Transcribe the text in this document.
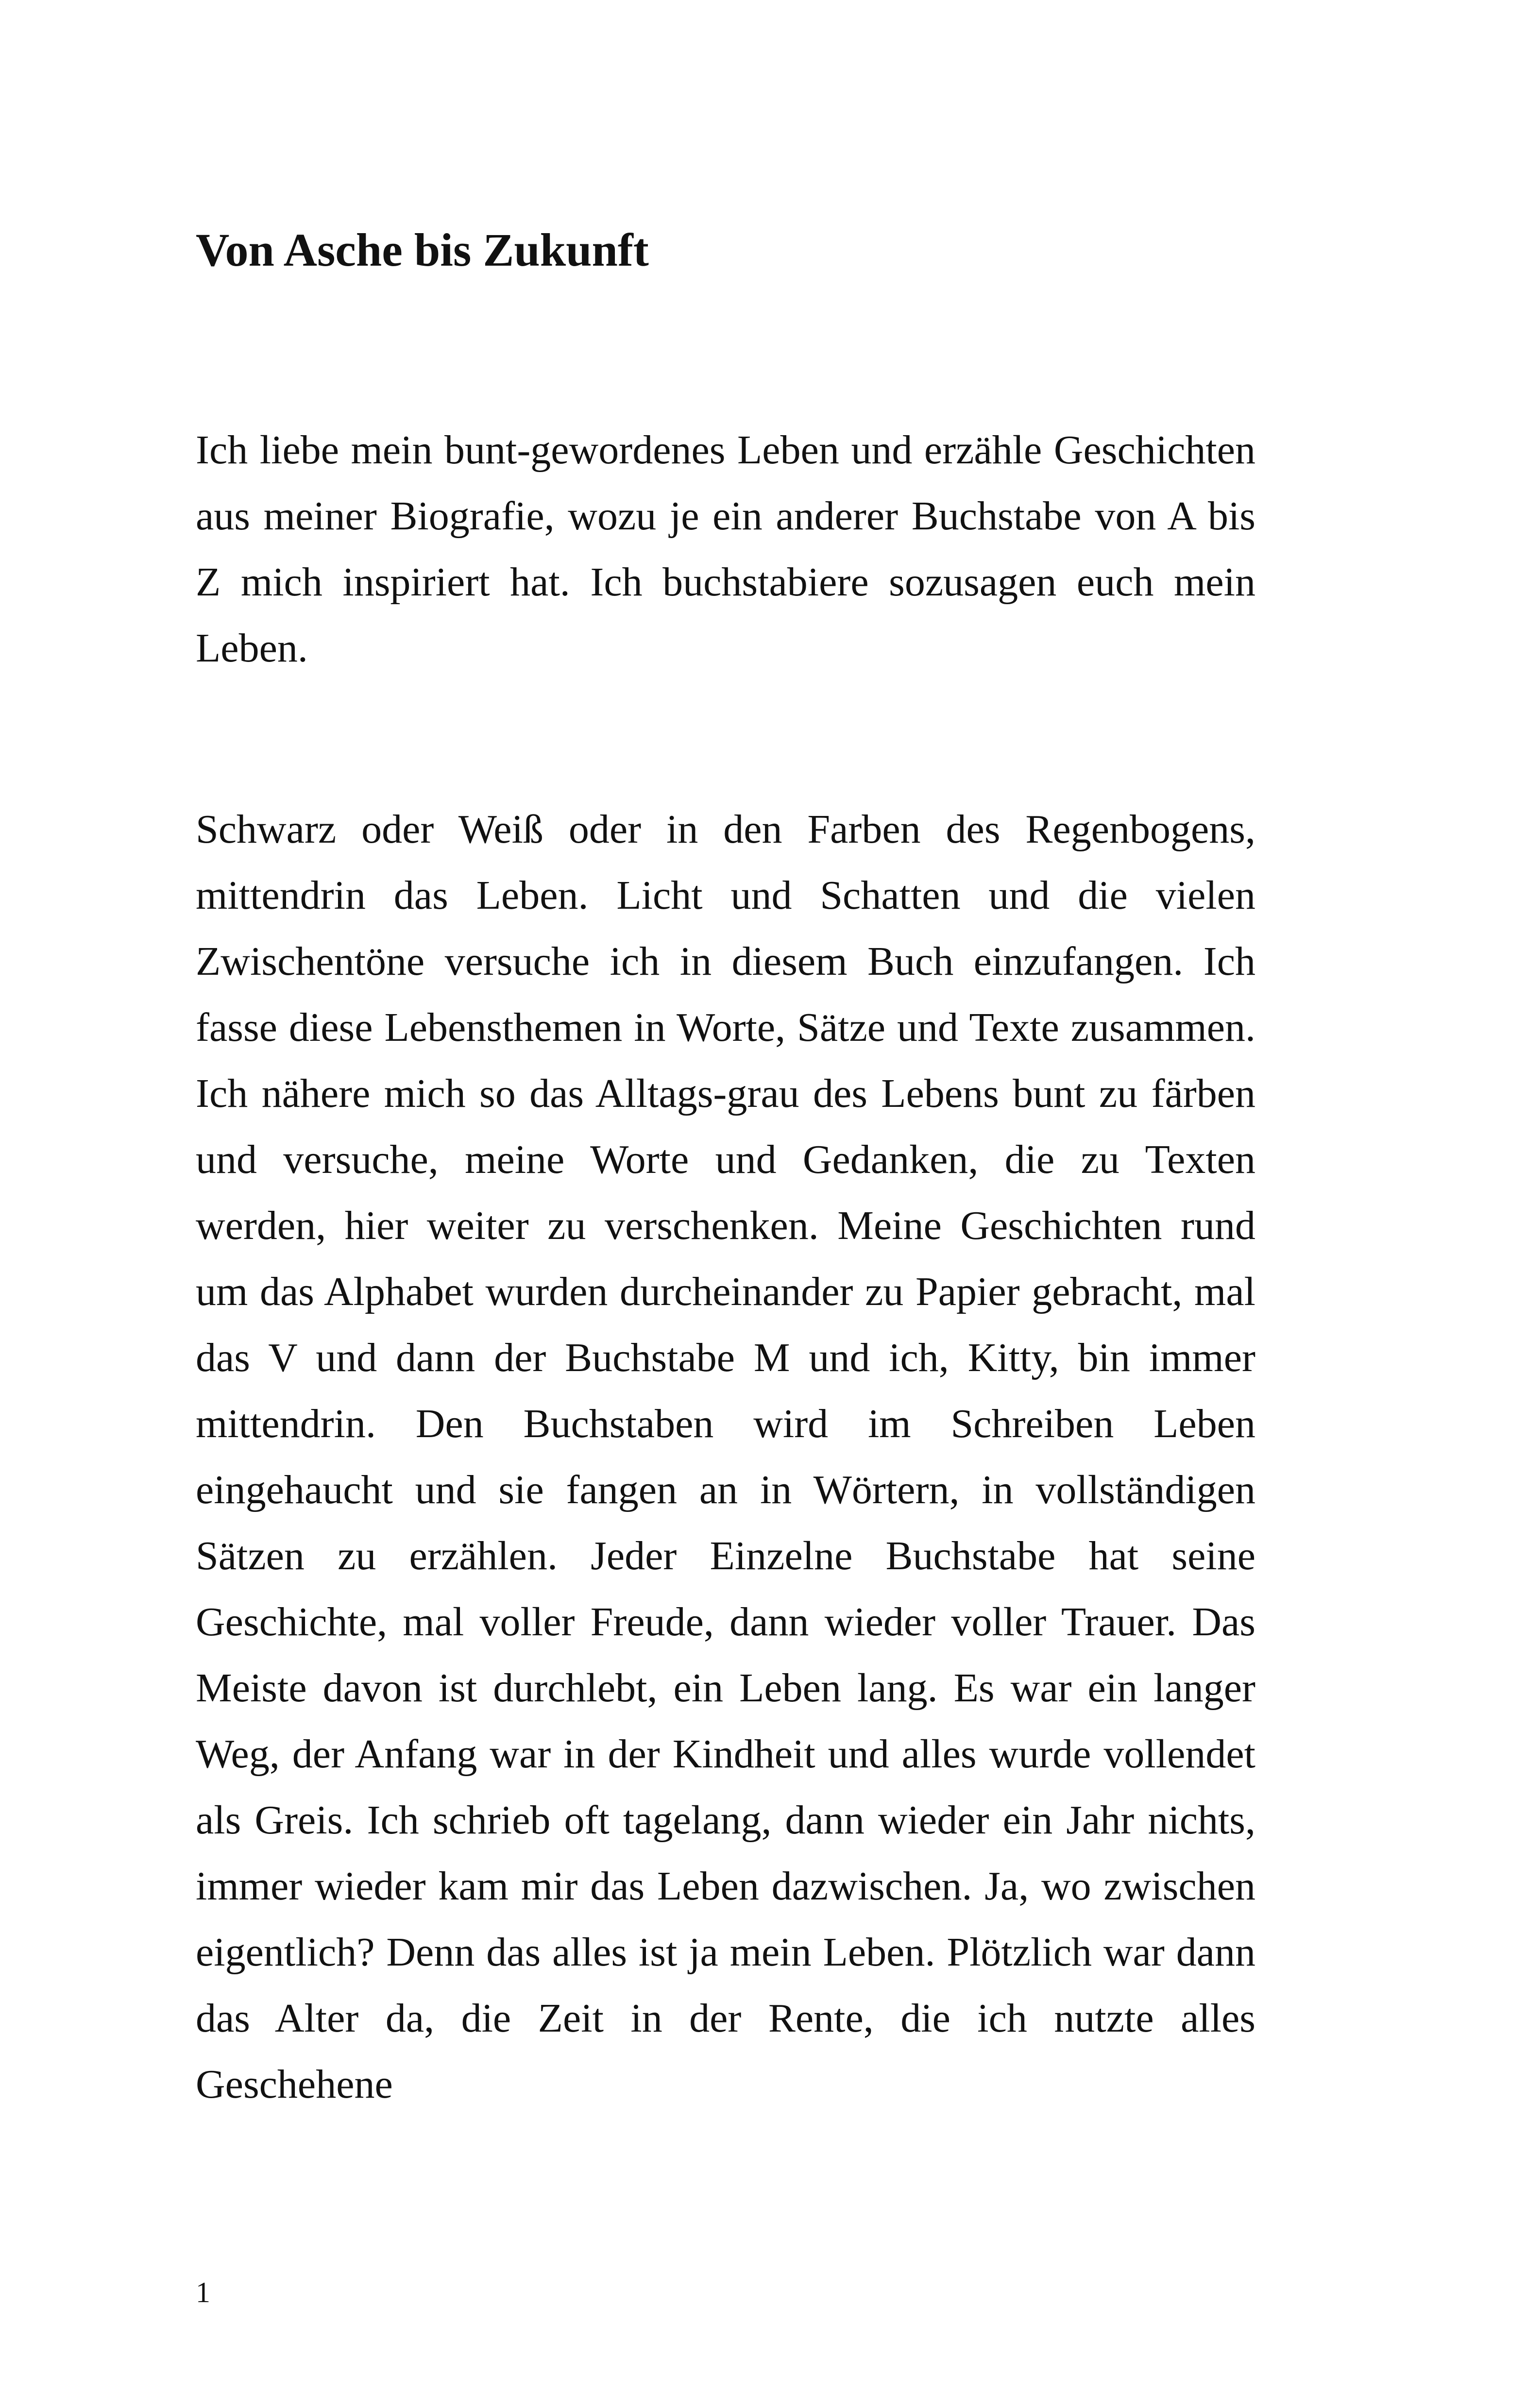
Von Asche bis Zukunft

Ich liebe mein bunt-gewordenes Leben und erzähle Geschichten aus meiner Biografie, wozu je ein anderer Buchstabe von A bis Z mich inspiriert hat. Ich buchstabiere sozusagen euch mein Leben.

Schwarz oder Weiß oder in den Farben des Regenbogens, mittendrin das Leben. Licht und Schatten und die vielen Zwischentöne versuche ich in diesem Buch einzufangen. Ich fasse diese Lebensthemen in Worte, Sätze und Texte zusammen. Ich nähere mich so das Alltags-grau des Lebens bunt zu färben und versuche, meine Worte und Gedanken, die zu Texten werden, hier weiter zu verschenken. Meine Geschichten rund um das Alphabet wurden durcheinander zu Papier gebracht, mal das V und dann der Buchstabe M und ich, Kitty, bin immer mittendrin. Den Buchstaben wird im Schreiben Leben eingehaucht und sie fangen an in Wörtern, in vollständigen Sätzen zu erzählen. Jeder Einzelne Buchstabe hat seine Geschichte, mal voller Freude, dann wieder voller Trauer. Das Meiste davon ist durchlebt, ein Leben lang. Es war ein langer Weg, der Anfang war in der Kindheit und alles wurde vollendet als Greis. Ich schrieb oft tagelang, dann wieder ein Jahr nichts, immer wieder kam mir das Leben dazwischen. Ja, wo zwischen eigentlich? Denn das alles ist ja mein Leben. Plötzlich war dann das Alter da, die Zeit in der Rente, die ich nutzte alles Geschehene

1
